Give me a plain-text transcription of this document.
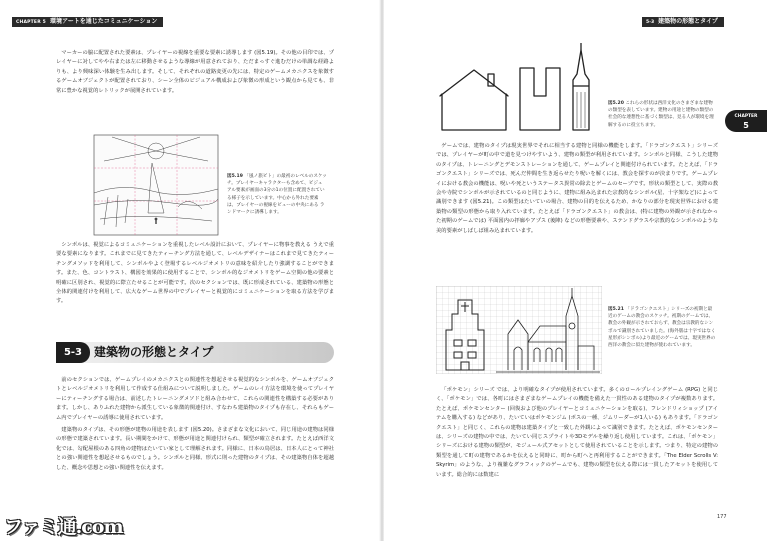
CHAPTER 5 環境アートを通じたコミュニケーション

マーカーの脇に配置された要素は、プレイヤーの視線を重要な要素に誘導します (図5.19)。その他の目印では、プレイヤーに対してやや右または左に移動させるような導線が用意されており、ただまっすぐ進むだけの単調な経路よりも、より興味深い体験を生み出します。そして、それぞれの道路変更の先には、特定のゲームメカニクスを象徴するゲームオブジェクトが配置されており、シーン全体のビジュアル構成および象徴の形成という観点から見ても、非常に豊かな視覚的レトリックが展開されています。

図5.19 「風ノ旅ビト」の最初のレベルのスケッチ。プレイヤーキャラクターも含めて、ビジュアル要素が画面の3分の1の位置に配置されている様子を示しています。中心から外れた要素は、プレイヤーの視線をビューの中央にある ランドマークに誘導します。

シンボルは、視覚によるコミュニケーションを重視したレベル設計において、プレイヤーに物事を教える うえで重要な要素になります。これまでに見てきたティーチング方法を通して、レベルデザイナーはこれまで見てきたティーチングメソッドを利用して、シンボルやよく登場するレベルジオメトリの意味を紹介したり強調することができます。また、色、コントラスト、構図を効果的に使用することで、シンボル的なジオメトリをゲーム空間の他の要素と明確に区別され、視覚的に際立たせることが可能です。次のセクションでは、既に形成されている、建築物の形態と全体的関連付けを利用して、広大なゲーム世界の中でプレイヤーと視覚的にコミュニケーションを取る方法を学びます。

5-3 建築物の形態とタイプ

前のセクションでは、ゲームプレイのメカニクスとの関連性を想起させる視覚的なシンボルを、ゲームオブジェクトとレベルジオメトリを利用して作成する仕組みについて説明しました。ゲームのレイ方法を環境を使ってプレイヤーにティーチングする場合は、前述したトレーニングメソドと組み合わせて、これらの関連性を構築する必要があります。しかし、ありふれた建物から派生している象徴的関連付け、すなわち建築物のタイプも存在し、それらもゲーム内でプレイヤーの誘導に使用されています。

建築物のタイプは、その形態が建物の用途を表します (図5.20)。さまざまな文化において、同じ用途の建物は同様の形態で建築されています。長い期間をかけて、形態が用途と関連付けられ、類型が確立されます。たとえば西洋文化では、勾配屋根のある四角の建物はたいてい家として理解されます。同様に、日本の鳥居は、日本人にとって神社との強い関連性を想起させるものでしょう。シンボルと同様、形式に則った建物のタイプは、その建築物自体を超越した、概念や思想との強い関連性を伝えます。

ファミ通.com
5-3 建築物の形態とタイプ
CHAPTER
5
図5.20 これらの形状は西洋文化のさまざまな建物の類型を表しています。建物の用途と建物の類型の社会的な連想性に基づく類型は、見る人が環境を理解するのに役立ちます。

ゲームでは、建物のタイプは現実世界でそれに相当する建物と同様の機能をします。「ドラゴンクエスト」シリーズでは、プレイヤーが町の中で道を見つけやすいよう、建物の類型が利用されています。シンボルと同様、こうした建物のタイプは、トレーニングとデモンストレーションを通して、ゲームプレイと関連付けられています。たとえば、「ドラゴンクエスト」シリーズでは、死んだ仲間を生き返らせたり呪いを解くには、教会を探すのが決まりです。ゲームプレイにおける教会の機能は、呪いや死というステータス異常の除去とゲームのセーブです。形状の類型として、実際の教会や寺院でシンボルが示されているのと同じように、建物に組み込まれた宗教的なシンボル(星、十字架など)によって識別できます (図5.21)。この類型はたいていの場合、建物の目的を伝えるため、かなりの部分を現実世界における建築物の類型の形態から取り入れています。たとえば「ドラゴンクエスト」の教会は、(特に建物の外観が示されなかった初期のゲームでは) 平面図内の拝廊やアプス (後陣) などの形態要素や、ステンドグラスや宗教的なシンボルのような美的要素がしばしば組み込まれています。

図5.21 「ドラゴンクエスト」シリーズの初期と最近のゲームの教会のスケッチ。初期のゲームでは、教会の外観が示されておらず、教会は宗教的なシンボルで識別されていました。(海外版は十字ではなく星形がシンボル)より最近のゲームでは、現実世界の西洋の教会に似た建物が使われています。

「ポケモン」シリーズ では、より明確なタイプが使用されています。多くのロールプレイングゲーム (RPG) と同じく、「ポケモン」では、各町にはさまざまなゲームプレイの機能を備えた一貫性のある建物のタイプが複数あります。たとえば、ポケモンセンター (回復および他のプレイヤーとコミュニケーションを取る)、フレンドリィショップ (アイテムを購入する) などがあり、たいていはポケモンジム (ボスの一種、ジムリーダーが1人いる) もあります。「ドラゴンクエスト」と同じく、これらの建物は建築タイプと一致した外観によって識別できます。たとえば、ポケモンセンターは、シリーズの建物の中では、たいてい同じスプライトや3Dモデルを繰り返し使用しています。これは、「ポケモン」シリーズにおける建物の類型が、モジュール式アセットとして使用されていることを示します。つまり、特定の建物の類型を通して町の建物であるかを伝えると同時に、町から町へと再利用することができます。「The Elder Scrolls V: Skyrim」のような、より複雑なグラフィックのゲームでも、建物の類型を伝える際には一貫したアセットを使用しています。総合的には数建に

177
